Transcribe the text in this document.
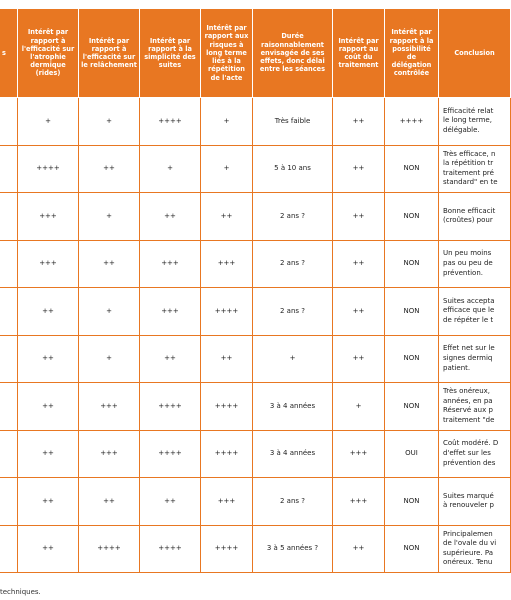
s	Intérêt par rapport à l'efficacité sur l'atrophie dermique (rides)	Intérêt par rapport à l'efficacité sur le relâchement	Intérêt par rapport à la simplicité des suites	Intérêt par rapport aux risques à long terme liés à la répétition de l'acte	Durée raisonnablement envisagée de ses effets, donc délai entre les séances	Intérêt par rapport au coût du traitement	Intérêt par rapport à la possibilité de délégation contrôlée	Conclusion
	+	+	++++	+	Très faible	++	++++	Efficacité relat
le long terme,
délégable.
	++++	++	+	+	5 à 10 ans	++	NON	Très efficace, n
la répétition tr
traitement pré
standard" en te
	+++	+	++	++	2 ans ?	++	NON	Bonne efficacit
(croûtes) pour
	+++	++	+++	+++	2 ans ?	++	NON	Un peu moins
pas ou peu de
prévention.
	++	+	+++	++++	2 ans ?	++	NON	Suites accepta
efficace que le
de répéter le t
	++	+	++	++	+	++	NON	Effet net sur le
signes dermiq
patient.
	++	+++	++++	++++	3 à 4 années	+	NON	Très onéreux,
années, en pa
Réservé aux p
traitement "de
	++	+++	++++	++++	3 à 4 années	+++	OUI	Coût modéré. D
d'effet sur les
prévention des
	++	++	++	+++	2 ans ?	+++	NON	Suites marqué
à renouveler p
	++	++++	++++	++++	3 à 5 années ?	++	NON	Principalemen
de l'ovale du vi
supérieure. Pa
onéreux. Tenu
techniques.
